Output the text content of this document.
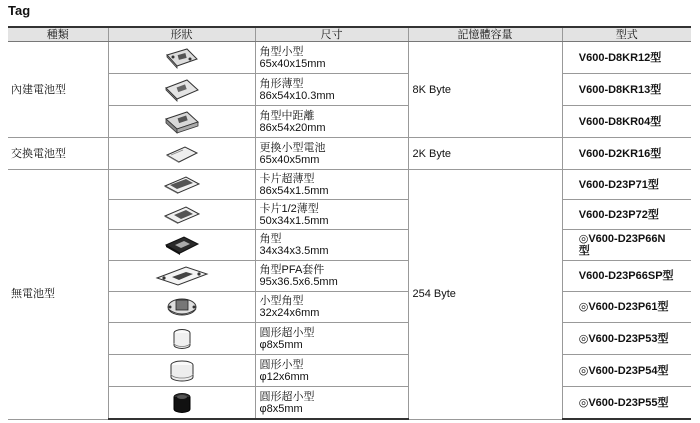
Tag
種類	形狀	尺寸	記憶體容量	型式
內建電池型		角型小型
65x40x15mm	8K Byte	V600-D8KR12型

角形薄型
86x54x10.3mm		V600-D8KR13型

角型中距離
86x54x20mm		V600-D8KR04型
交換電池型		更換小型電池
65x40x5mm	2K Byte	V600-D2KR16型
無電池型		卡片超薄型
86x54x1.5mm	254 Byte	V600-D23P71型

卡片1/2薄型
50x34x1.5mm		V600-D23P72型

角型
34x34x3.5mm		◎V600-D23P66N型

角型PFA套件
95x36.5x6.5mm		V600-D23P66SP型

小型角型
32x24x6mm		◎V600-D23P61型

圓形超小型
φ8x5mm		◎V600-D23P53型

圓形小型
φ12x6mm		◎V600-D23P54型

圓形超小型
φ8x5mm		◎V600-D23P55型
